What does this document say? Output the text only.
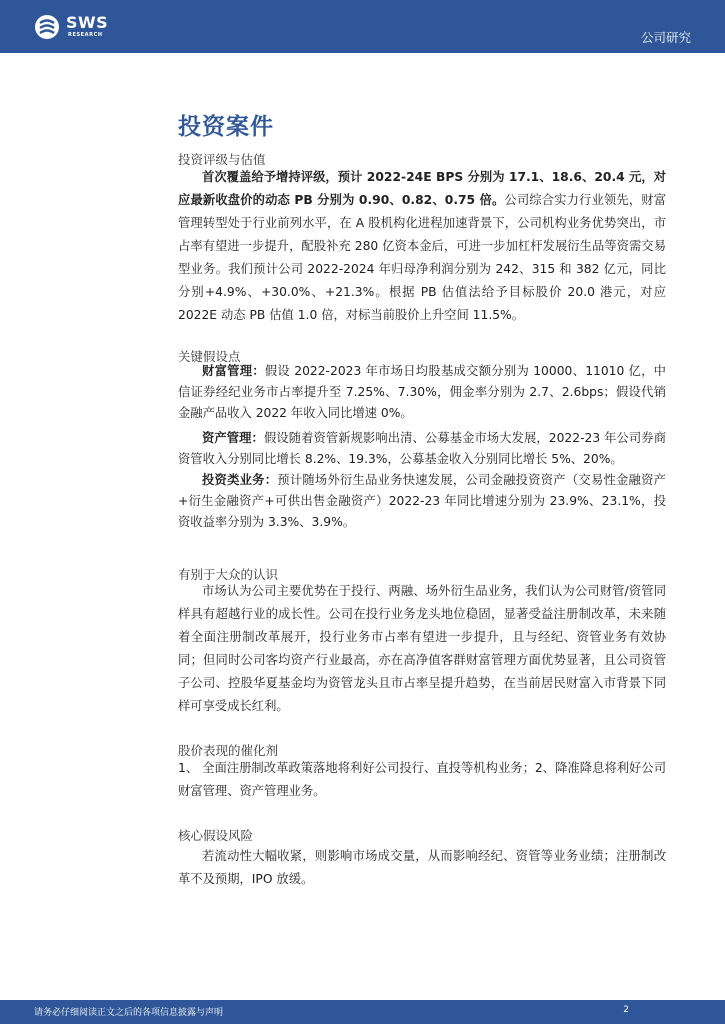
SWS
RESEARCH	公司研究
投资案件
投资评级与估值
首次覆盖给予增持评级，预计 2022-24E BPS 分别为 17.1、18.6、20.4 元，对应最新收盘价的动态 PB 分别为 0.90、0.82、0.75 倍。公司综合实力行业领先，财富管理转型处于行业前列水平，在 A 股机构化进程加速背景下，公司机构业务优势突出，市占率有望进一步提升，配股补充 280 亿资本金后，可进一步加杠杆发展衍生品等资需交易型业务。我们预计公司 2022-2024 年归母净利润分别为 242、315 和 382 亿元，同比分别+4.9%、+30.0%、+21.3%。根据 PB 估值法给予目标股价 20.0 港元，对应 2022E 动态 PB 估值 1.0 倍，对标当前股价上升空间 11.5%。
关键假设点
财富管理：假设 2022-2023 年市场日均股基成交额分别为 10000、11010 亿，中信证券经纪业务市占率提升至 7.25%、7.30%，佣金率分别为 2.7、2.6bps；假设代销金融产品收入 2022 年收入同比增速 0%。
资产管理：假设随着资管新规影响出清、公募基金市场大发展，2022-23 年公司券商资管收入分别同比增长 8.2%、19.3%，公募基金收入分别同比增长 5%、20%。
投资类业务：预计随场外衍生品业务快速发展，公司金融投资资产（交易性金融资产+衍生金融资产+可供出售金融资产）2022-23 年同比增速分别为 23.9%、23.1%，投资收益率分别为 3.3%、3.9%。
有别于大众的认识
市场认为公司主要优势在于投行、两融、场外衍生品业务，我们认为公司财管/资管同样具有超越行业的成长性。公司在投行业务龙头地位稳固，显著受益注册制改革，未来随着全面注册制改革展开，投行业务市占率有望进一步提升，且与经纪、资管业务有效协同；但同时公司客均资产行业最高，亦在高净值客群财富管理方面优势显著，且公司资管子公司、控股华夏基金均为资管龙头且市占率呈提升趋势，在当前居民财富入市背景下同样可享受成长红利。
股价表现的催化剂
1、 全面注册制改革政策落地将利好公司投行、直投等机构业务；2、降准降息将利好公司财富管理、资产管理业务。
核心假设风险
若流动性大幅收紧，则影响市场成交量，从而影响经纪、资管等业务业绩；注册制改革不及预期，IPO 放缓。
请务必仔细阅读正文之后的各项信息披露与声明	2
